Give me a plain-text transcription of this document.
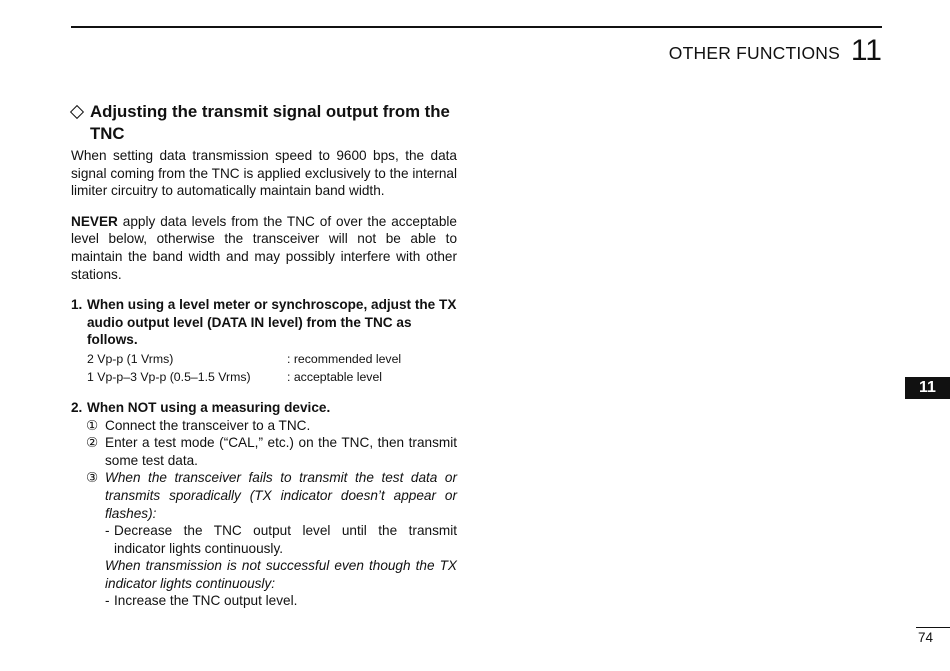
OTHER FUNCTIONS 11
Adjusting the transmit signal output from the TNC

When setting data transmission speed to 9600 bps, the data signal coming from the TNC is applied exclusively to the internal limiter circuitry to automatically maintain band width.

NEVER apply data levels from the TNC of over the acceptable level below, otherwise the transceiver will not be able to maintain the band width and may possibly interfere with other stations.

1. When using a level meter or synchroscope, adjust the TX audio output level (DATA IN level) from the TNC as follows.
2 Vp-p (1 Vrms)	: recommended level
1 Vp-p–3 Vp-p (0.5–1.5 Vrms)	: acceptable level
2. When NOT using a measuring device.
① Connect the transceiver to a TNC.
② Enter a test mode (“CAL,” etc.) on the TNC, then transmit some test data.
③ When the transceiver fails to transmit the test data or transmits sporadically (TX indicator doesn’t appear or flashes):
- Decrease the TNC output level until the transmit indicator lights continuously.
When transmission is not successful even though the TX indicator lights continuously:
- Increase the TNC output level.
11
74
